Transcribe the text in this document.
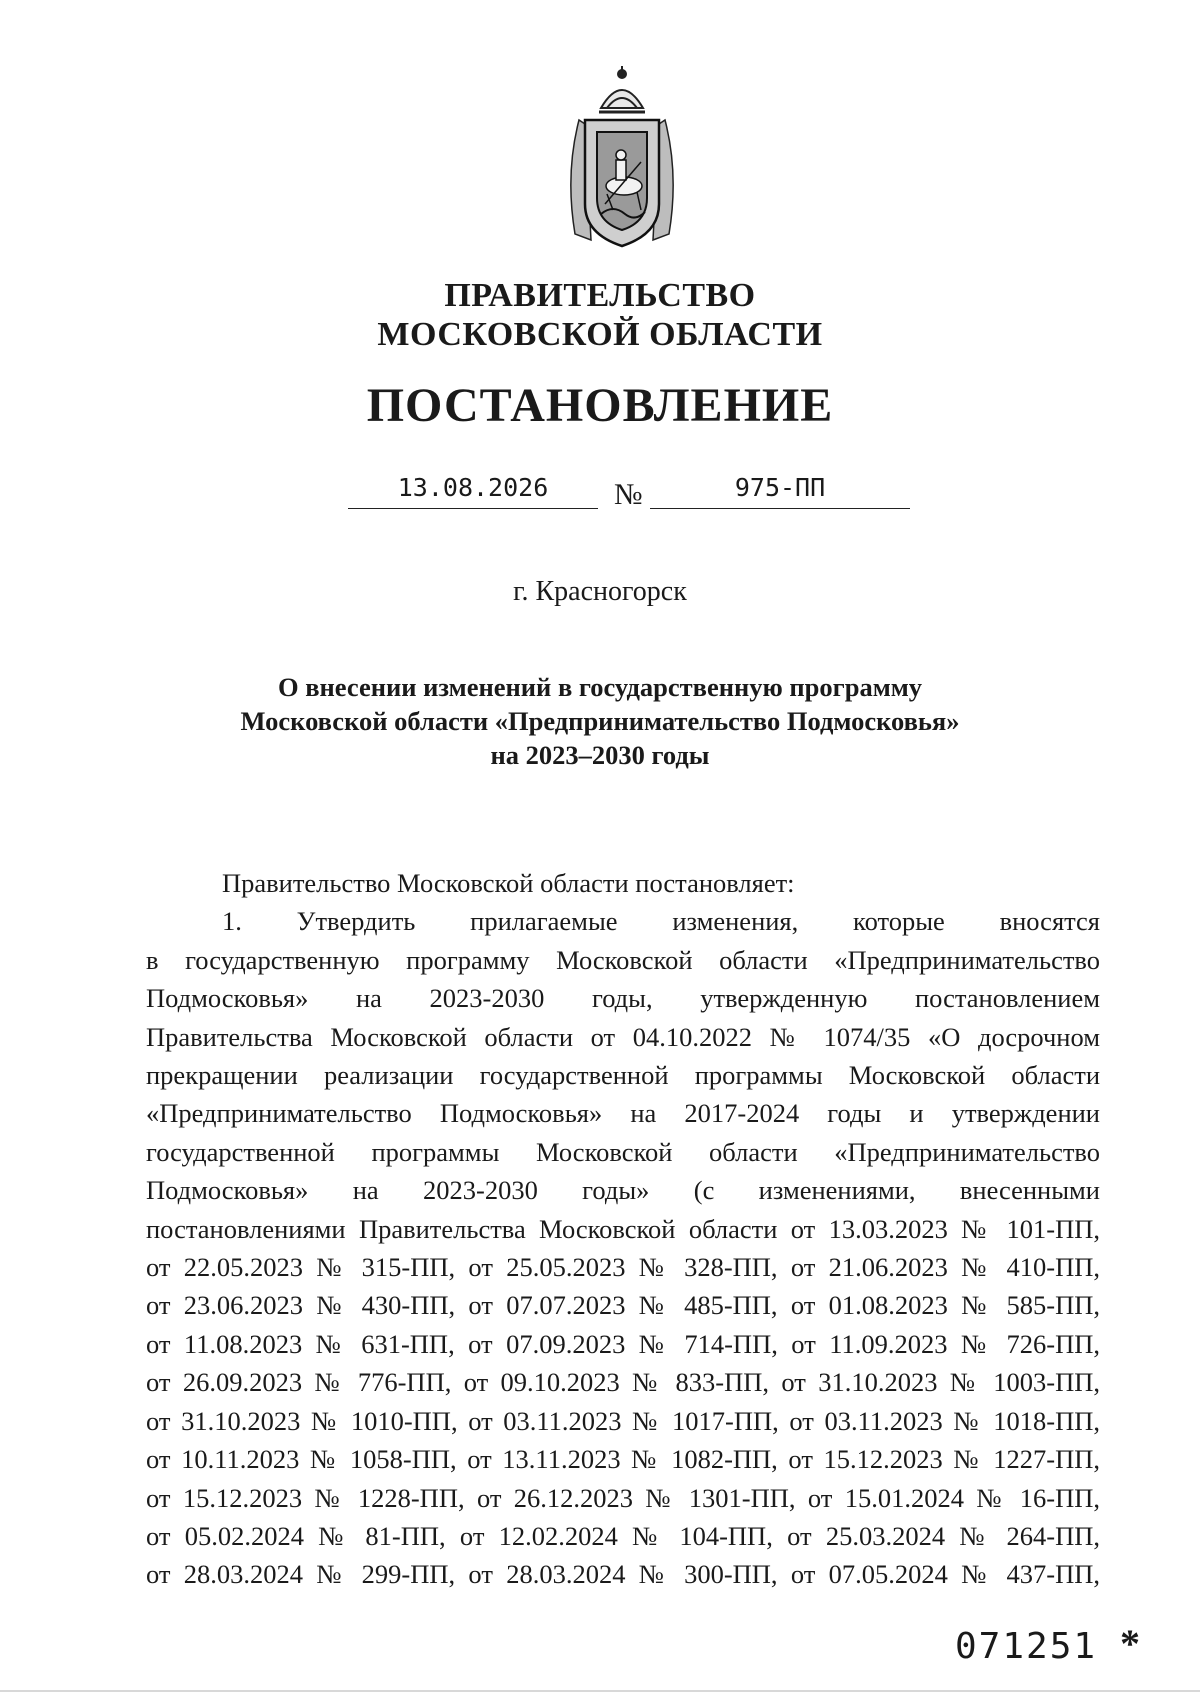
ПРАВИТЕЛЬСТВО
МОСКОВСКОЙ ОБЛАСТИ
ПОСТАНОВЛЕНИЕ
13.08.2026	№	975-ПП
г. Красногорск
О внесении изменений в государственную программу
Московской области «Предпринимательство Подмосковья»
на 2023–2030 годы

Правительство Московской области постановляет:

1. Утвердить прилагаемые изменения, которые вносятся
в государственную программу Московской области «Предпринимательство
Подмосковья» на 2023-2030 годы, утвержденную постановлением
Правительства Московской области от 04.10.2022 № 1074/35 «О досрочном
прекращении реализации государственной программы Московской области
«Предпринимательство Подмосковья» на 2017-2024 годы и утверждении
государственной программы Московской области «Предпринимательство
Подмосковья» на 2023-2030 годы» (с изменениями, внесенными
постановлениями Правительства Московской области от 13.03.2023 № 101-ПП,
от 22.05.2023 № 315-ПП, от 25.05.2023 № 328-ПП, от 21.06.2023 № 410-ПП,
от 23.06.2023 № 430-ПП, от 07.07.2023 № 485-ПП, от 01.08.2023 № 585-ПП,
от 11.08.2023 № 631-ПП, от 07.09.2023 № 714-ПП, от 11.09.2023 № 726-ПП,
от 26.09.2023 № 776-ПП, от 09.10.2023 № 833-ПП, от 31.10.2023 № 1003-ПП,
от 31.10.2023 № 1010-ПП, от 03.11.2023 № 1017-ПП, от 03.11.2023 № 1018-ПП,
от 10.11.2023 № 1058-ПП, от 13.11.2023 № 1082-ПП, от 15.12.2023 № 1227-ПП,
от 15.12.2023 № 1228-ПП, от 26.12.2023 № 1301-ПП, от 15.01.2024 № 16-ПП,
от 05.02.2024 № 81-ПП, от 12.02.2024 № 104-ПП, от 25.03.2024 № 264-ПП,
от 28.03.2024 № 299-ПП, от 28.03.2024 № 300-ПП, от 07.05.2024 № 437-ПП,
071251 *
